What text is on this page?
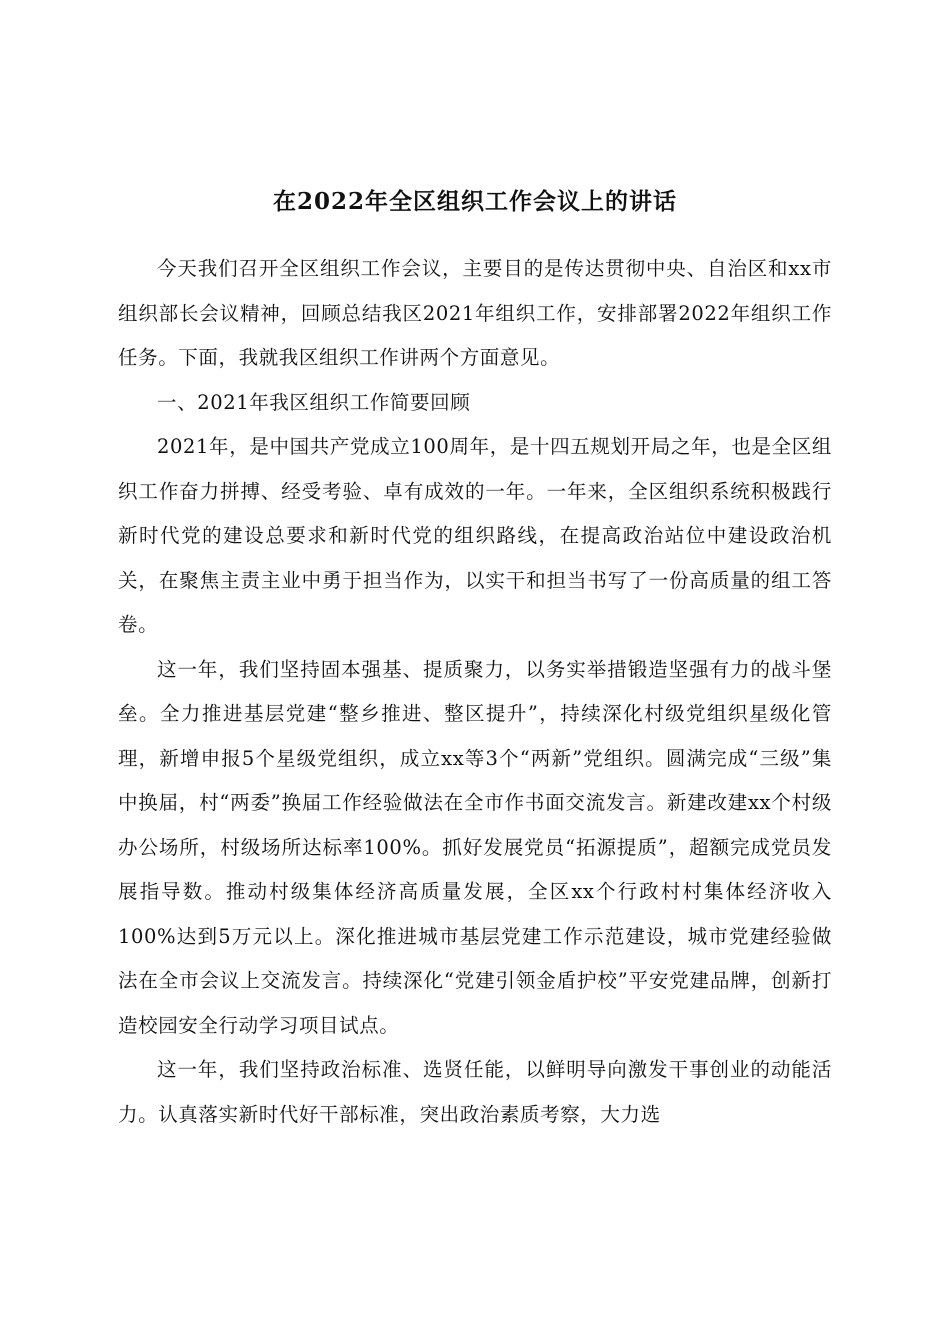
在2022年全区组织工作会议上的讲话

今天我们召开全区组织工作会议，主要目的是传达贯彻中央、自治区和xx市组织部长会议精神，回顾总结我区2021年组织工作，安排部署2022年组织工作任务。下面，我就我区组织工作讲两个方面意见。

一、2021年我区组织工作简要回顾

2021年，是中国共产党成立100周年，是十四五规划开局之年，也是全区组织工作奋力拼搏、经受考验、卓有成效的一年。一年来，全区组织系统积极践行新时代党的建设总要求和新时代党的组织路线，在提高政治站位中建设政治机关，在聚焦主责主业中勇于担当作为，以实干和担当书写了一份高质量的组工答卷。

这一年，我们坚持固本强基、提质聚力，以务实举措锻造坚强有力的战斗堡垒。全力推进基层党建“整乡推进、整区提升”，持续深化村级党组织星级化管理，新增申报5个星级党组织，成立xx等3个“两新”党组织。圆满完成“三级”集中换届，村“两委”换届工作经验做法在全市作书面交流发言。新建改建xx个村级办公场所，村级场所达标率100%。抓好发展党员“拓源提质”，超额完成党员发展指导数。推动村级集体经济高质量发展，全区xx个行政村村集体经济收入100%达到5万元以上。深化推进城市基层党建工作示范建设，城市党建经验做法在全市会议上交流发言。持续深化“党建引领金盾护校”平安党建品牌，创新打造校园安全行动学习项目试点。

这一年，我们坚持政治标准、选贤任能，以鲜明导向激发干事创业的动能活力。认真落实新时代好干部标准，突出政治素质考察，大力选
